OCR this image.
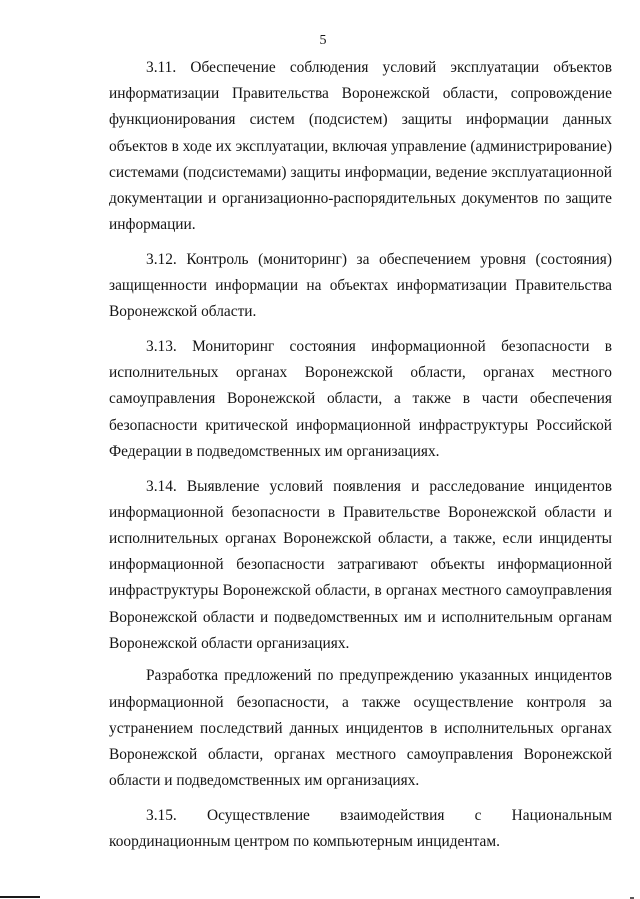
5

3.11. Обеспечение соблюдения условий эксплуатации объектов информатизации Правительства Воронежской области, сопровождение функционирования систем (подсистем) защиты информации данных объектов в ходе их эксплуатации, включая управление (администрирование) системами (подсистемами) защиты информации, ведение эксплуатационной документации и организационно-распорядительных документов по защите информации.

3.12. Контроль (мониторинг) за обеспечением уровня (состояния) защищенности информации на объектах информатизации Правительства Воронежской области.

3.13. Мониторинг состояния информационной безопасности в исполнительных органах Воронежской области, органах местного самоуправления Воронежской области, а также в части обеспечения безопасности критической информационной инфраструктуры Российской Федерации в подведомственных им организациях.

3.14. Выявление условий появления и расследование инцидентов информационной безопасности в Правительстве Воронежской области и исполнительных органах Воронежской области, а также, если инциденты информационной безопасности затрагивают объекты информационной инфраструктуры Воронежской области, в органах местного самоуправления Воронежской области и подведомственных им и исполнительным органам Воронежской области организациях.

Разработка предложений по предупреждению указанных инцидентов информационной безопасности, а также осуществление контроля за устранением последствий данных инцидентов в исполнительных органах Воронежской области, органах местного самоуправления Воронежской области и подведомственных им организациях.

3.15. Осуществление взаимодействия с Национальным координационным центром по компьютерным инцидентам.
